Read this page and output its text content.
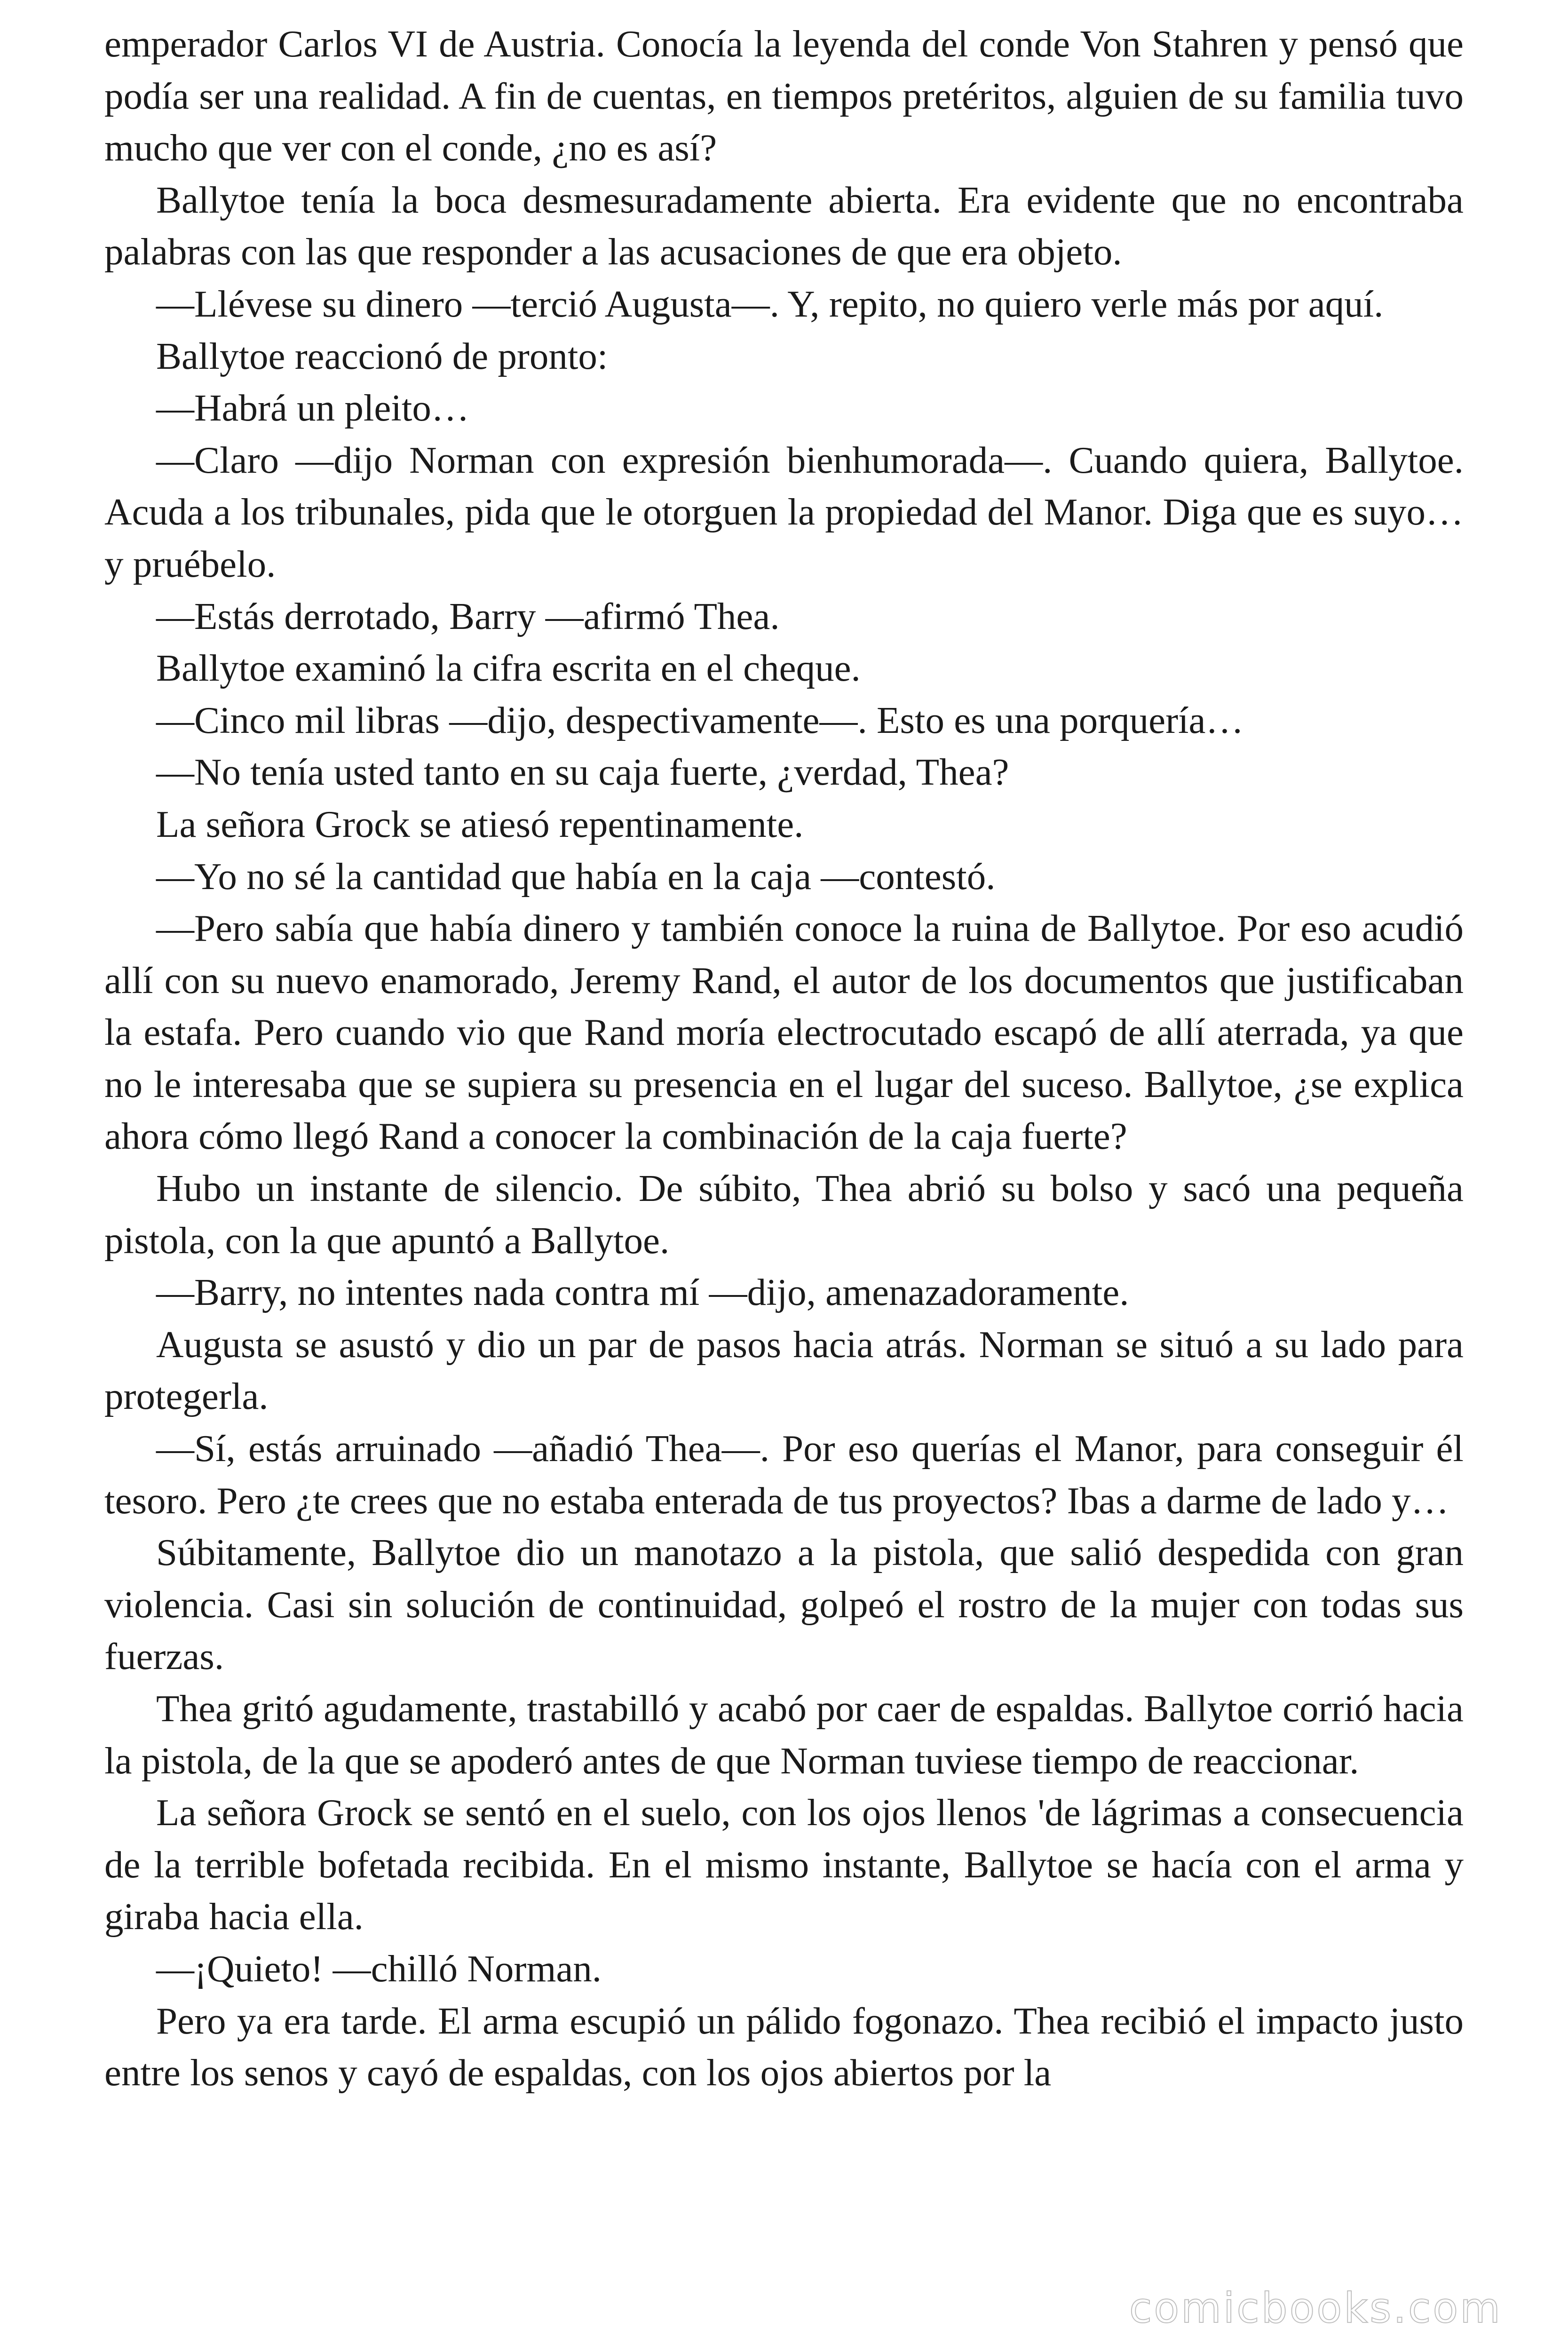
emperador Carlos VI de Austria. Conocía la leyenda del conde Von Stahren y pensó que podía ser una realidad. A fin de cuentas, en tiempos pretéritos, alguien de su familia tuvo mucho que ver con el conde, ¿no es así?

Ballytoe tenía la boca desmesuradamente abierta. Era evidente que no encontraba palabras con las que responder a las acusaciones de que era objeto.

—Llévese su dinero —terció Augusta—. Y, repito, no quiero verle más por aquí.

Ballytoe reaccionó de pronto:

—Habrá un pleito…

—Claro —dijo Norman con expresión bienhumorada—. Cuando quiera, Ballytoe. Acuda a los tribunales, pida que le otorguen la propiedad del Manor. Diga que es suyo… y pruébelo.

—Estás derrotado, Barry —afirmó Thea.

Ballytoe examinó la cifra escrita en el cheque.

—Cinco mil libras —dijo, despectivamente—. Esto es una porquería…

—No tenía usted tanto en su caja fuerte, ¿verdad, Thea?

La señora Grock se atiesó repentinamente.

—Yo no sé la cantidad que había en la caja —contestó.

—Pero sabía que había dinero y también conoce la ruina de Ballytoe. Por eso acudió allí con su nuevo enamorado, Jeremy Rand, el autor de los documentos que justificaban la estafa. Pero cuando vio que Rand moría electrocutado escapó de allí aterrada, ya que no le interesaba que se supiera su presencia en el lugar del suceso. Ballytoe, ¿se explica ahora cómo llegó Rand a conocer la combinación de la caja fuerte?

Hubo un instante de silencio. De súbito, Thea abrió su bolso y sacó una pequeña pistola, con la que apuntó a Ballytoe.

—Barry, no intentes nada contra mí —dijo, amenazadoramente.

Augusta se asustó y dio un par de pasos hacia atrás. Norman se situó a su lado para protegerla.

—Sí, estás arruinado —añadió Thea—. Por eso querías el Manor, para conseguir él tesoro. Pero ¿te crees que no estaba enterada de tus proyectos? Ibas a darme de lado y…

Súbitamente, Ballytoe dio un manotazo a la pistola, que salió despedida con gran violencia. Casi sin solución de continuidad, golpeó el rostro de la mujer con todas sus fuerzas.

Thea gritó agudamente, trastabilló y acabó por caer de espaldas. Ballytoe corrió hacia la pistola, de la que se apoderó antes de que Norman tuviese tiempo de reaccionar.

La señora Grock se sentó en el suelo, con los ojos llenos 'de lágrimas a consecuencia de la terrible bofetada recibida. En el mismo instante, Ballytoe se hacía con el arma y giraba hacia ella.

—¡Quieto! —chilló Norman.

Pero ya era tarde. El arma escupió un pálido fogonazo. Thea recibió el impacto justo entre los senos y cayó de espaldas, con los ojos abiertos por la

comicbooks.com
